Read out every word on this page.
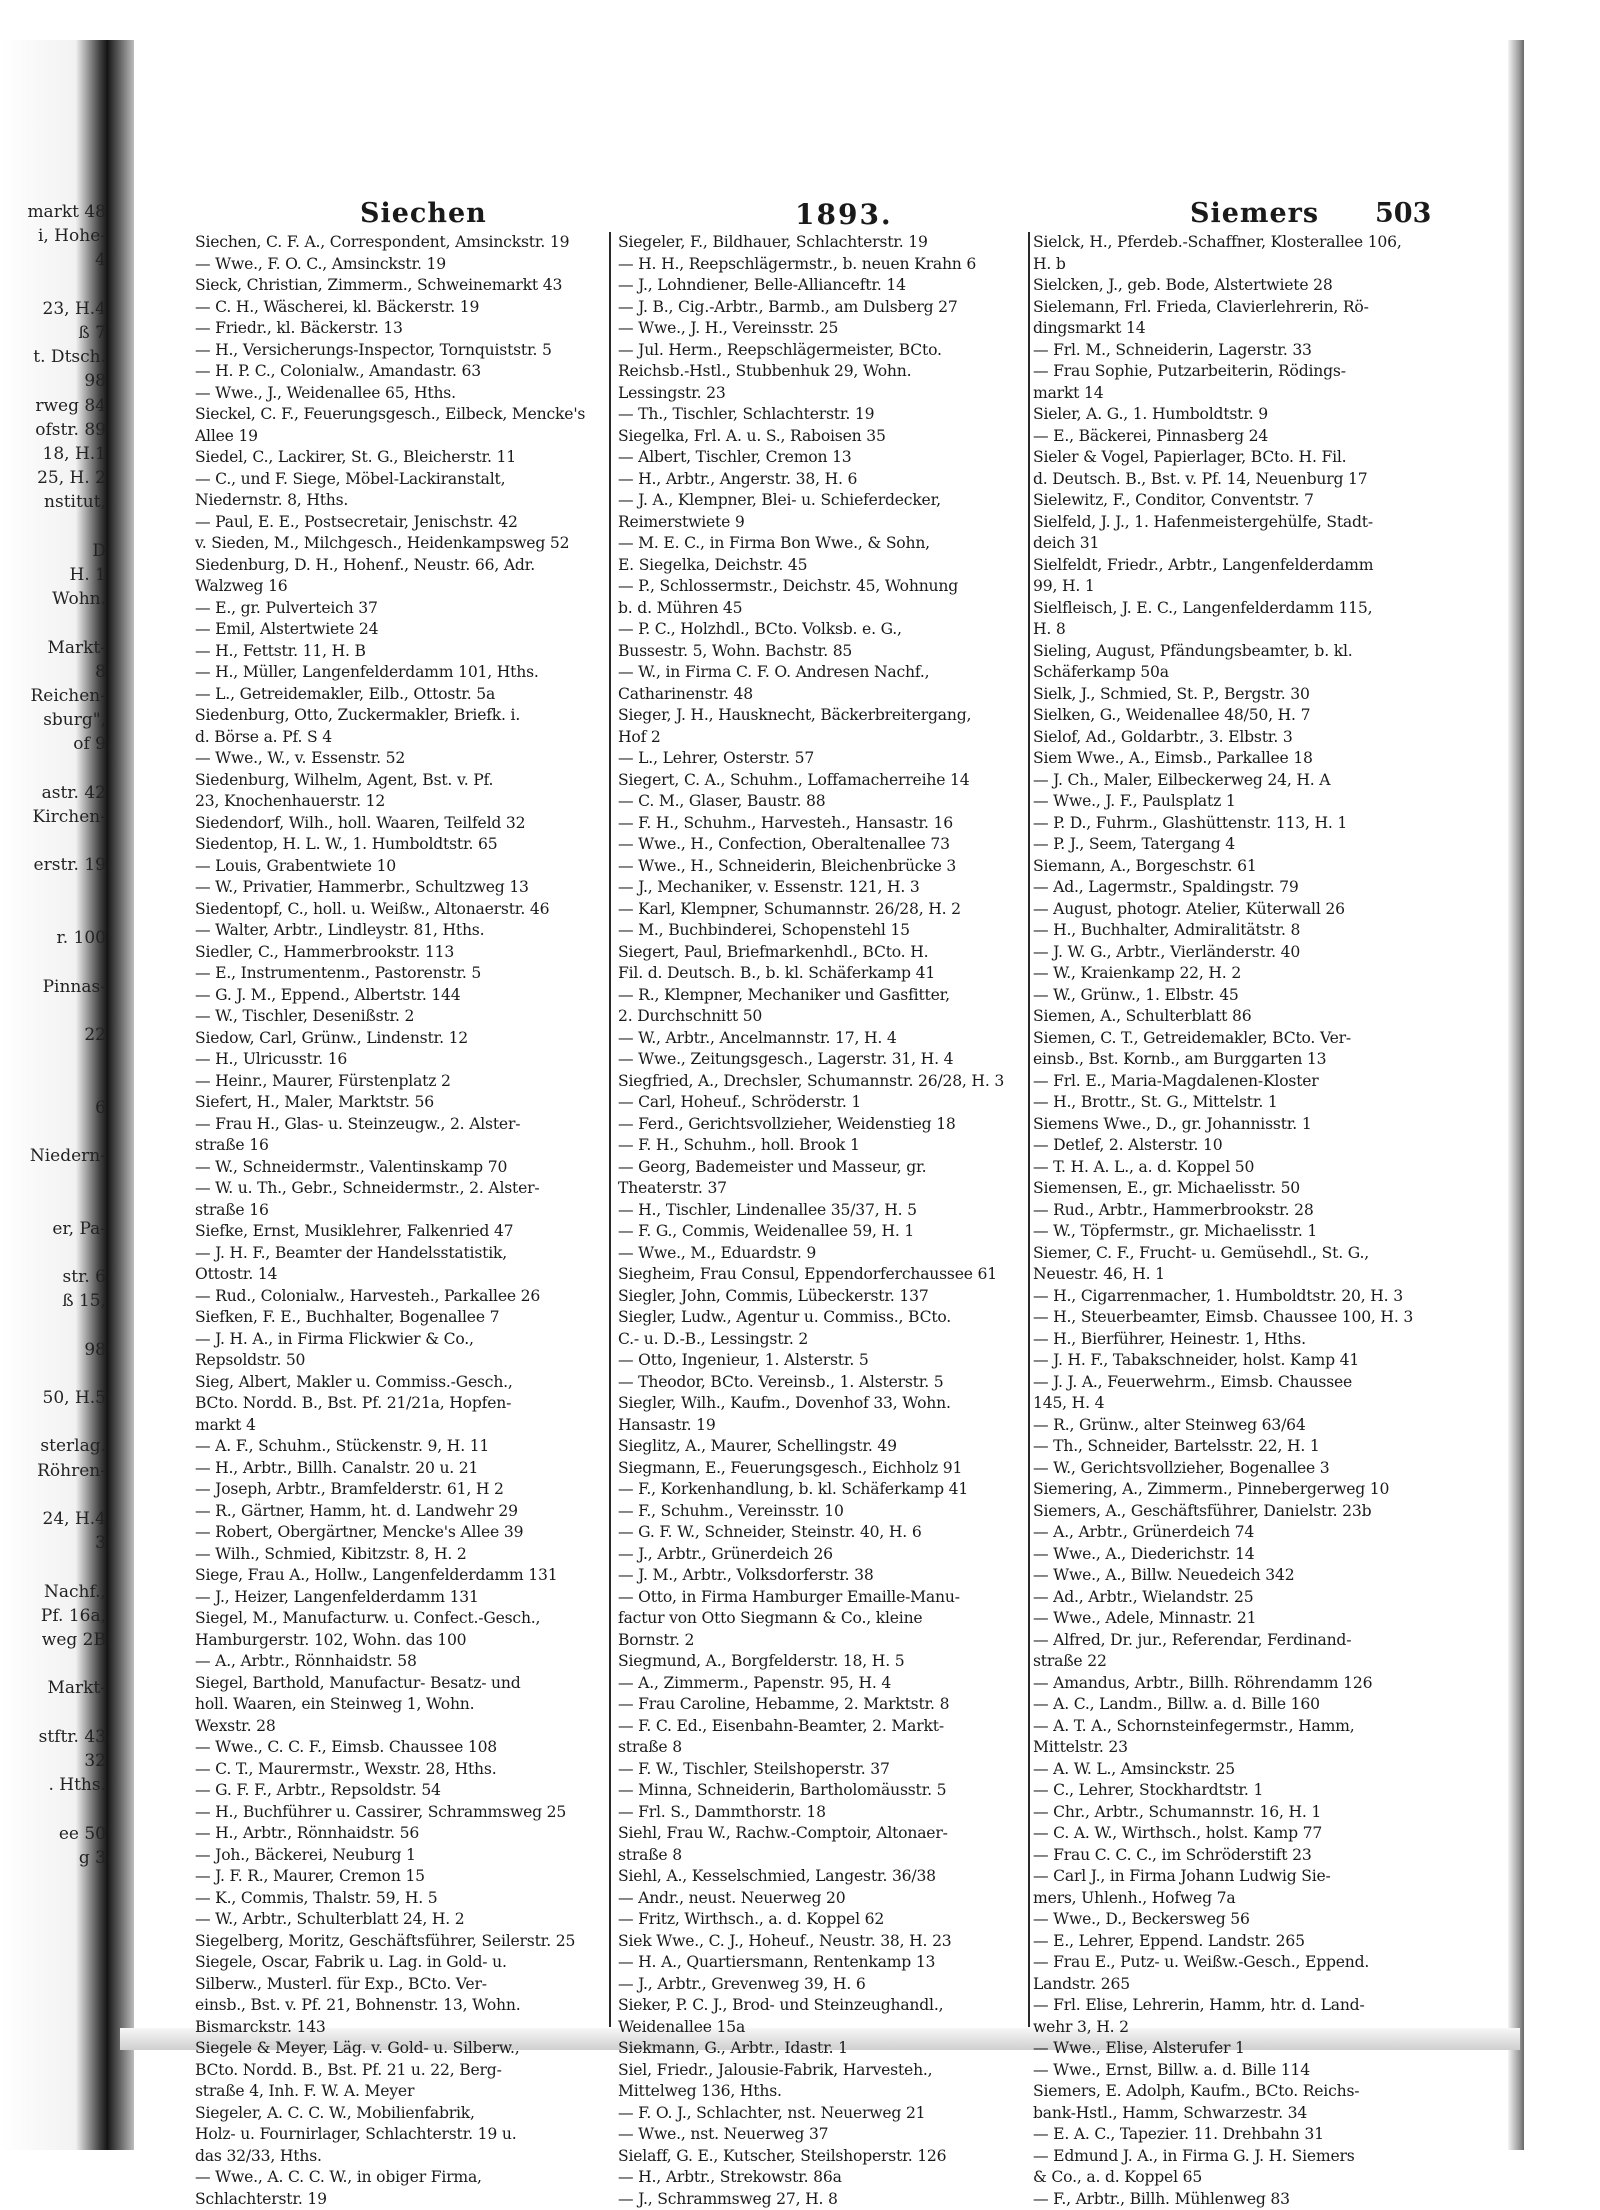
markt 48
i, Hohe-
4

23, H.4
ß 7
t. Dtsch.
98
rweg 84
ofstr. 89
18, H.1
25, H. 2
nstitut,

D
H. 1
Wohn.

Markt-
8
Reichen-
sburg",
of 9

astr. 42
Kirchen-

erstr. 19

r. 100

Pinnas-

22

6

Niedern-

er, Pa-

str. 6
ß 15,

98

50, H.5

sterlag.
Röhren-

24, H.4
3

Nachf.,
Pf. 16a,
weg 2B

Markt-

stftr. 43
32
. Hths.

ee 50
g 3
Siechen	1893.	Siemers 503
Siechen, C. F. A., Correspondent, Amsinckstr. 19
— Wwe., F. O. C., Amsinckstr. 19
Sieck, Christian, Zimmerm., Schweinemarkt 43
— C. H., Wäscherei, kl. Bäckerstr. 19
— Friedr., kl. Bäckerstr. 13
— H., Versicherungs-Inspector, Tornquiststr. 5
— H. P. C., Colonialw., Amandastr. 63
— Wwe., J., Weidenallee 65, Hths.
Sieckel, C. F., Feuerungsgesch., Eilbeck, Mencke's
Allee 19
Siedel, C., Lackirer, St. G., Bleicherstr. 11
— C., und F. Siege, Möbel-Lackiranstalt,
Niedernstr. 8, Hths.
— Paul, E. E., Postsecretair, Jenischstr. 42
v. Sieden, M., Milchgesch., Heidenkampsweg 52
Siedenburg, D. H., Hohenf., Neustr. 66, Adr.
Walzweg 16
— E., gr. Pulverteich 37
— Emil, Alstertwiete 24
— H., Fettstr. 11, H. B
— H., Müller, Langenfelderdamm 101, Hths.
— L., Getreidemakler, Eilb., Ottostr. 5a
Siedenburg, Otto, Zuckermakler, Briefk. i.
d. Börse a. Pf. S 4
— Wwe., W., v. Essenstr. 52
Siedenburg, Wilhelm, Agent, Bst. v. Pf.
23, Knochenhauerstr. 12
Siedendorf, Wilh., holl. Waaren, Teilfeld 32
Siedentop, H. L. W., 1. Humboldtstr. 65
— Louis, Grabentwiete 10
— W., Privatier, Hammerbr., Schultzweg 13
Siedentopf, C., holl. u. Weißw., Altonaerstr. 46
— Walter, Arbtr., Lindleystr. 81, Hths.
Siedler, C., Hammerbrookstr. 113
— E., Instrumentenm., Pastorenstr. 5
— G. J. M., Eppend., Albertstr. 144
— W., Tischler, Desenißstr. 2
Siedow, Carl, Grünw., Lindenstr. 12
— H., Ulricusstr. 16
— Heinr., Maurer, Fürstenplatz 2
Siefert, H., Maler, Marktstr. 56
— Frau H., Glas- u. Steinzeugw., 2. Alster-
straße 16
— W., Schneidermstr., Valentinskamp 70
— W. u. Th., Gebr., Schneidermstr., 2. Alster-
straße 16
Siefke, Ernst, Musiklehrer, Falkenried 47
— J. H. F., Beamter der Handelsstatistik,
Ottostr. 14
— Rud., Colonialw., Harvesteh., Parkallee 26
Siefken, F. E., Buchhalter, Bogenallee 7
— J. H. A., in Firma Flickwier & Co.,
Repsoldstr. 50
Sieg, Albert, Makler u. Commiss.-Gesch.,
BCto. Nordd. B., Bst. Pf. 21/21a, Hopfen-
markt 4
— A. F., Schuhm., Stückenstr. 9, H. 11
— H., Arbtr., Billh. Canalstr. 20 u. 21
— Joseph, Arbtr., Bramfelderstr. 61, H 2
— R., Gärtner, Hamm, ht. d. Landwehr 29
— Robert, Obergärtner, Mencke's Allee 39
— Wilh., Schmied, Kibitzstr. 8, H. 2
Siege, Frau A., Hollw., Langenfelderdamm 131
— J., Heizer, Langenfelderdamm 131
Siegel, M., Manufacturw. u. Confect.-Gesch.,
Hamburgerstr. 102, Wohn. das 100
— A., Arbtr., Rönnhaidstr. 58
Siegel, Barthold, Manufactur- Besatz- und
holl. Waaren, ein Steinweg 1, Wohn.
Wexstr. 28
— Wwe., C. C. F., Eimsb. Chaussee 108
— C. T., Maurermstr., Wexstr. 28, Hths.
— G. F. F., Arbtr., Repsoldstr. 54
— H., Buchführer u. Cassirer, Schrammsweg 25
— H., Arbtr., Rönnhaidstr. 56
— Joh., Bäckerei, Neuburg 1
— J. F. R., Maurer, Cremon 15
— K., Commis, Thalstr. 59, H. 5
— W., Arbtr., Schulterblatt 24, H. 2
Siegelberg, Moritz, Geschäftsführer, Seilerstr. 25
Siegele, Oscar, Fabrik u. Lag. in Gold- u.
Silberw., Musterl. für Exp., BCto. Ver-
einsb., Bst. v. Pf. 21, Bohnenstr. 13, Wohn.
Bismarckstr. 143
Siegele & Meyer, Läg. v. Gold- u. Silberw.,
BCto. Nordd. B., Bst. Pf. 21 u. 22, Berg-
straße 4, Inh. F. W. A. Meyer
Siegeler, A. C. C. W., Mobilienfabrik,
Holz- u. Fournirlager, Schlachterstr. 19 u.
das 32/33, Hths.
— Wwe., A. C. C. W., in obiger Firma,
Schlachterstr. 19
Siegeler, F., Bildhauer, Schlachterstr. 19
— H. H., Reepschlägermstr., b. neuen Krahn 6
— J., Lohndiener, Belle-Allianceftr. 14
— J. B., Cig.-Arbtr., Barmb., am Dulsberg 27
— Wwe., J. H., Vereinsstr. 25
— Jul. Herm., Reepschlägermeister, BCto.
Reichsb.-Hstl., Stubbenhuk 29, Wohn.
Lessingstr. 23
— Th., Tischler, Schlachterstr. 19
Siegelka, Frl. A. u. S., Raboisen 35
— Albert, Tischler, Cremon 13
— H., Arbtr., Angerstr. 38, H. 6
— J. A., Klempner, Blei- u. Schieferdecker,
Reimerstwiete 9
— M. E. C., in Firma Bon Wwe., & Sohn,
E. Siegelka, Deichstr. 45
— P., Schlossermstr., Deichstr. 45, Wohnung
b. d. Mühren 45
— P. C., Holzhdl., BCto. Volksb. e. G.,
Bussestr. 5, Wohn. Bachstr. 85
— W., in Firma C. F. O. Andresen Nachf.,
Catharinenstr. 48
Sieger, J. H., Hausknecht, Bäckerbreitergang,
Hof 2
— L., Lehrer, Osterstr. 57
Siegert, C. A., Schuhm., Loffamacherreihe 14
— C. M., Glaser, Baustr. 88
— F. H., Schuhm., Harvesteh., Hansastr. 16
— Wwe., H., Confection, Oberaltenallee 73
— Wwe., H., Schneiderin, Bleichenbrücke 3
— J., Mechaniker, v. Essenstr. 121, H. 3
— Karl, Klempner, Schumannstr. 26/28, H. 2
— M., Buchbinderei, Schopenstehl 15
Siegert, Paul, Briefmarkenhdl., BCto. H.
Fil. d. Deutsch. B., b. kl. Schäferkamp 41
— R., Klempner, Mechaniker und Gasfitter,
2. Durchschnitt 50
— W., Arbtr., Ancelmannstr. 17, H. 4
— Wwe., Zeitungsgesch., Lagerstr. 31, H. 4
Siegfried, A., Drechsler, Schumannstr. 26/28, H. 3
— Carl, Hoheuf., Schröderstr. 1
— Ferd., Gerichtsvollzieher, Weidenstieg 18
— F. H., Schuhm., holl. Brook 1
— Georg, Bademeister und Masseur, gr.
Theaterstr. 37
— H., Tischler, Lindenallee 35/37, H. 5
— F. G., Commis, Weidenallee 59, H. 1
— Wwe., M., Eduardstr. 9
Siegheim, Frau Consul, Eppendorferchaussee 61
Siegler, John, Commis, Lübeckerstr. 137
Siegler, Ludw., Agentur u. Commiss., BCto.
C.- u. D.-B., Lessingstr. 2
— Otto, Ingenieur, 1. Alsterstr. 5
— Theodor, BCto. Vereinsb., 1. Alsterstr. 5
Siegler, Wilh., Kaufm., Dovenhof 33, Wohn.
Hansastr. 19
Sieglitz, A., Maurer, Schellingstr. 49
Siegmann, E., Feuerungsgesch., Eichholz 91
— F., Korkenhandlung, b. kl. Schäferkamp 41
— F., Schuhm., Vereinsstr. 10
— G. F. W., Schneider, Steinstr. 40, H. 6
— J., Arbtr., Grünerdeich 26
— J. M., Arbtr., Volksdorferstr. 38
— Otto, in Firma Hamburger Emaille-Manu-
factur von Otto Siegmann & Co., kleine
Bornstr. 2
Siegmund, A., Borgfelderstr. 18, H. 5
— A., Zimmerm., Papenstr. 95, H. 4
— Frau Caroline, Hebamme, 2. Marktstr. 8
— F. C. Ed., Eisenbahn-Beamter, 2. Markt-
straße 8
— F. W., Tischler, Steilshoperstr. 37
— Minna, Schneiderin, Bartholomäusstr. 5
— Frl. S., Dammthorstr. 18
Siehl, Frau W., Rachw.-Comptoir, Altonaer-
straße 8
Siehl, A., Kesselschmied, Langestr. 36/38
— Andr., neust. Neuerweg 20
— Fritz, Wirthsch., a. d. Koppel 62
Siek Wwe., C. J., Hoheuf., Neustr. 38, H. 23
— H. A., Quartiersmann, Rentenkamp 13
— J., Arbtr., Grevenweg 39, H. 6
Sieker, P. C. J., Brod- und Steinzeughandl.,
Weidenallee 15a
Siekmann, G., Arbtr., Idastr. 1
Siel, Friedr., Jalousie-Fabrik, Harvesteh.,
Mittelweg 136, Hths.
— F. O. J., Schlachter, nst. Neuerweg 21
— Wwe., nst. Neuerweg 37
Sielaff, G. E., Kutscher, Steilshoperstr. 126
— H., Arbtr., Strekowstr. 86a
— J., Schrammsweg 27, H. 8
Sielck, H., Pferdeb.-Schaffner, Klosterallee 106,
H. b
Sielcken, J., geb. Bode, Alstertwiete 28
Sielemann, Frl. Frieda, Clavierlehrerin, Rö-
dingsmarkt 14
— Frl. M., Schneiderin, Lagerstr. 33
— Frau Sophie, Putzarbeiterin, Rödings-
markt 14
Sieler, A. G., 1. Humboldtstr. 9
— E., Bäckerei, Pinnasberg 24
Sieler & Vogel, Papierlager, BCto. H. Fil.
d. Deutsch. B., Bst. v. Pf. 14, Neuenburg 17
Sielewitz, F., Conditor, Conventstr. 7
Sielfeld, J. J., 1. Hafenmeistergehülfe, Stadt-
deich 31
Sielfeldt, Friedr., Arbtr., Langenfelderdamm
99, H. 1
Sielfleisch, J. E. C., Langenfelderdamm 115,
H. 8
Sieling, August, Pfändungsbeamter, b. kl.
Schäferkamp 50a
Sielk, J., Schmied, St. P., Bergstr. 30
Sielken, G., Weidenallee 48/50, H. 7
Sielof, Ad., Goldarbtr., 3. Elbstr. 3
Siem Wwe., A., Eimsb., Parkallee 18
— J. Ch., Maler, Eilbeckerweg 24, H. A
— Wwe., J. F., Paulsplatz 1
— P. D., Fuhrm., Glashüttenstr. 113, H. 1
— P. J., Seem, Tatergang 4
Siemann, A., Borgeschstr. 61
— Ad., Lagermstr., Spaldingstr. 79
— August, photogr. Atelier, Küterwall 26
— H., Buchhalter, Admiralitätstr. 8
— J. W. G., Arbtr., Vierländerstr. 40
— W., Kraienkamp 22, H. 2
— W., Grünw., 1. Elbstr. 45
Siemen, A., Schulterblatt 86
Siemen, C. T., Getreidemakler, BCto. Ver-
einsb., Bst. Kornb., am Burggarten 13
— Frl. E., Maria-Magdalenen-Kloster
— H., Brottr., St. G., Mittelstr. 1
Siemens Wwe., D., gr. Johannisstr. 1
— Detlef, 2. Alsterstr. 10
— T. H. A. L., a. d. Koppel 50
Siemensen, E., gr. Michaelisstr. 50
— Rud., Arbtr., Hammerbrookstr. 28
— W., Töpfermstr., gr. Michaelisstr. 1
Siemer, C. F., Frucht- u. Gemüsehdl., St. G.,
Neuestr. 46, H. 1
— H., Cigarrenmacher, 1. Humboldtstr. 20, H. 3
— H., Steuerbeamter, Eimsb. Chaussee 100, H. 3
— H., Bierführer, Heinestr. 1, Hths.
— J. H. F., Tabakschneider, holst. Kamp 41
— J. J. A., Feuerwehrm., Eimsb. Chaussee
145, H. 4
— R., Grünw., alter Steinweg 63/64
— Th., Schneider, Bartelsstr. 22, H. 1
— W., Gerichtsvollzieher, Bogenallee 3
Siemering, A., Zimmerm., Pinnebergerweg 10
Siemers, A., Geschäftsführer, Danielstr. 23b
— A., Arbtr., Grünerdeich 74
— Wwe., A., Diederichstr. 14
— Wwe., A., Billw. Neuedeich 342
— Ad., Arbtr., Wielandstr. 25
— Wwe., Adele, Minnastr. 21
— Alfred, Dr. jur., Referendar, Ferdinand-
straße 22
— Amandus, Arbtr., Billh. Röhrendamm 126
— A. C., Landm., Billw. a. d. Bille 160
— A. T. A., Schornsteinfegermstr., Hamm,
Mittelstr. 23
— A. W. L., Amsinckstr. 25
— C., Lehrer, Stockhardtstr. 1
— Chr., Arbtr., Schumannstr. 16, H. 1
— C. A. W., Wirthsch., holst. Kamp 77
— Frau C. C. C., im Schröderstift 23
— Carl J., in Firma Johann Ludwig Sie-
mers, Uhlenh., Hofweg 7a
— Wwe., D., Beckersweg 56
— E., Lehrer, Eppend. Landstr. 265
— Frau E., Putz- u. Weißw.-Gesch., Eppend.
Landstr. 265
— Frl. Elise, Lehrerin, Hamm, htr. d. Land-
wehr 3, H. 2
— Wwe., Elise, Alsterufer 1
— Wwe., Ernst, Billw. a. d. Bille 114
Siemers, E. Adolph, Kaufm., BCto. Reichs-
bank-Hstl., Hamm, Schwarzestr. 34
— E. A. C., Tapezier. 11. Drehbahn 31
— Edmund J. A., in Firma G. J. H. Siemers
& Co., a. d. Koppel 65
— F., Arbtr., Billh. Mühlenweg 83
